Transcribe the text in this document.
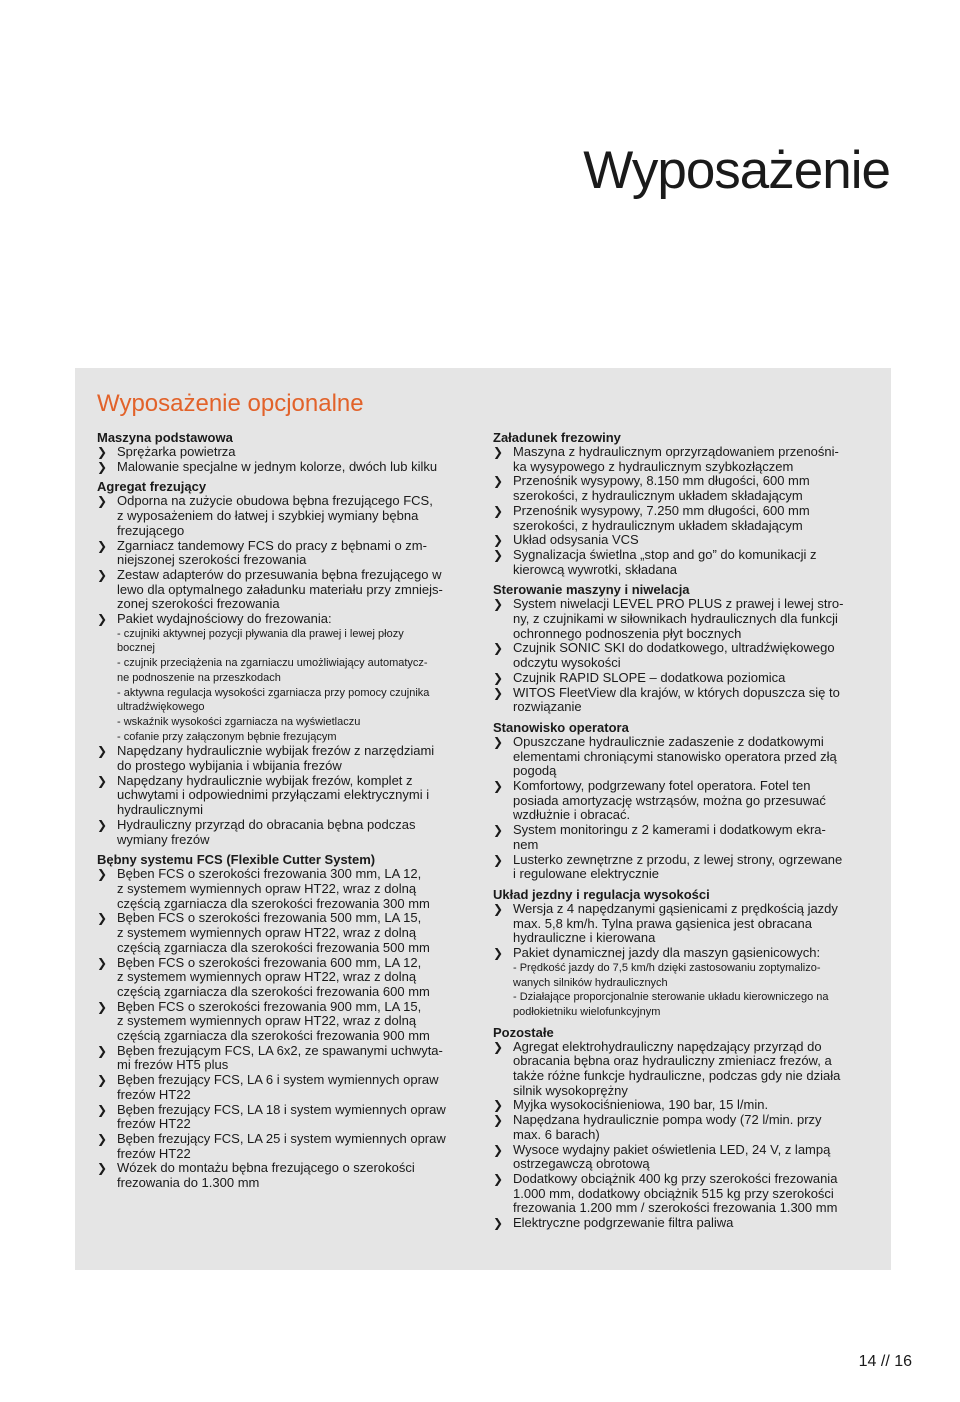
Wyposażenie
Wyposażenie opcjonalne
Maszyna podstawowa
❯ Sprężarka powietrza
❯ Malowanie specjalne w jednym kolorze, dwóch lub kilku
Agregat frezujący
❯ Odporna na zużycie obudowa bębna frezującego FCS,
z wyposażeniem do łatwej i szybkiej wymiany bębna
frezującego
❯ Zgarniacz tandemowy FCS do pracy z bębnami o zm-
niejszonej szerokości frezowania
❯ Zestaw adapterów do przesuwania bębna frezującego w
lewo dla optymalnego załadunku materiału przy zmniejs-
zonej szerokości frezowania
❯ Pakiet wydajnościowy do frezowania:
- czujniki aktywnej pozycji pływania dla prawej i lewej płozy
bocznej
- czujnik przeciążenia na zgarniaczu umożliwiający automatycz-
ne podnoszenie na przeszkodach
- aktywna regulacja wysokości zgarniacza przy pomocy czujnika
ultradźwiękowego
- wskaźnik wysokości zgarniacza na wyświetlaczu
- cofanie przy załączonym bębnie frezującym
❯ Napędzany hydraulicznie wybijak frezów z narzędziami
do prostego wybijania i wbijania frezów
❯ Napędzany hydraulicznie wybijak frezów, komplet z
uchwytami i odpowiednimi przyłączami elektrycznymi i
hydraulicznymi
❯ Hydrauliczny przyrząd do obracania bębna podczas
wymiany frezów
Bębny systemu FCS (Flexible Cutter System)
❯ Bęben FCS o szerokości frezowania 300 mm, LA 12,
z systemem wymiennych opraw HT22, wraz z dolną
częścią zgarniacza dla szerokości frezowania 300 mm
❯ Bęben FCS o szerokości frezowania 500 mm, LA 15,
z systemem wymiennych opraw HT22, wraz z dolną
częścią zgarniacza dla szerokości frezowania 500 mm
❯ Bęben FCS o szerokości frezowania 600 mm, LA 12,
z systemem wymiennych opraw HT22, wraz z dolną
częścią zgarniacza dla szerokości frezowania 600 mm
❯ Bęben FCS o szerokości frezowania 900 mm, LA 15,
z systemem wymiennych opraw HT22, wraz z dolną
częścią zgarniacza dla szerokości frezowania 900 mm
❯ Bęben frezującym FCS, LA 6x2, ze spawanymi uchwyta-
mi frezów HT5 plus
❯ Bęben frezujący FCS, LA 6 i system wymiennych opraw
frezów HT22
❯ Bęben frezujący FCS, LA 18 i system wymiennych opraw
frezów HT22
❯ Bęben frezujący FCS, LA 25 i system wymiennych opraw
frezów HT22
❯ Wózek do montażu bębna frezującego o szerokości
frezowania do 1.300 mm
Załadunek frezowiny
❯ Maszyna z hydraulicznym oprzyrządowaniem przenośni-
ka wysypowego z hydraulicznym szybkozłączem
❯ Przenośnik wysypowy, 8.150 mm długości, 600 mm
szerokości, z hydraulicznym układem składającym
❯ Przenośnik wysypowy, 7.250 mm długości, 600 mm
szerokości, z hydraulicznym układem składającym
❯ Układ odsysania VCS
❯ Sygnalizacja świetlna „stop and go” do komunikacji z
kierowcą wywrotki, składana
Sterowanie maszyny i niwelacja
❯ System niwelacji LEVEL PRO PLUS z prawej i lewej stro-
ny, z czujnikami w siłownikach hydraulicznych dla funkcji
ochronnego podnoszenia płyt bocznych
❯ Czujnik SONIC SKI do dodatkowego, ultradźwiękowego
odczytu wysokości
❯ Czujnik RAPID SLOPE – dodatkowa poziomica
❯ WITOS FleetView dla krajów, w których dopuszcza się to
rozwiązanie
Stanowisko operatora
❯ Opuszczane hydraulicznie zadaszenie z dodatkowymi
elementami chroniącymi stanowisko operatora przed złą
pogodą
❯ Komfortowy, podgrzewany fotel operatora. Fotel ten
posiada amortyzację wstrząsów, można go przesuwać
wzdłużnie i obracać.
❯ System monitoringu z 2 kamerami i dodatkowym ekra-
nem
❯ Lusterko zewnętrzne z przodu, z lewej strony, ogrzewane
i regulowane elektrycznie
Układ jezdny i regulacja wysokości
❯ Wersja z 4 napędzanymi gąsienicami z prędkością jazdy
max. 5,8 km/h. Tylna prawa gąsienica jest obracana
hydrauliczne i kierowana
❯ Pakiet dynamicznej jazdy dla maszyn gąsienicowych:
- Prędkość jazdy do 7,5 km/h dzięki zastosowaniu zoptymalizo-
wanych silników hydraulicznych
- Działające proporcjonalnie sterowanie układu kierowniczego na
podłokietniku wielofunkcyjnym
Pozostałe
❯ Agregat elektrohydrauliczny napędzający przyrząd do
obracania bębna oraz hydrauliczny zmieniacz frezów, a
także różne funkcje hydrauliczne, podczas gdy nie działa
silnik wysokoprężny
❯ Myjka wysokociśnieniowa, 190 bar, 15 l/min.
❯ Napędzana hydraulicznie pompa wody (72 l/min. przy
max. 6 barach)
❯ Wysoce wydajny pakiet oświetlenia LED, 24 V, z lampą
ostrzegawczą obrotową
❯ Dodatkowy obciążnik 400 kg przy szerokości frezowania
1.000 mm, dodatkowy obciążnik 515 kg przy szerokości
frezowania 1.200 mm / szerokości frezowania 1.300 mm
❯ Elektryczne podgrzewanie filtra paliwa
14 // 16
